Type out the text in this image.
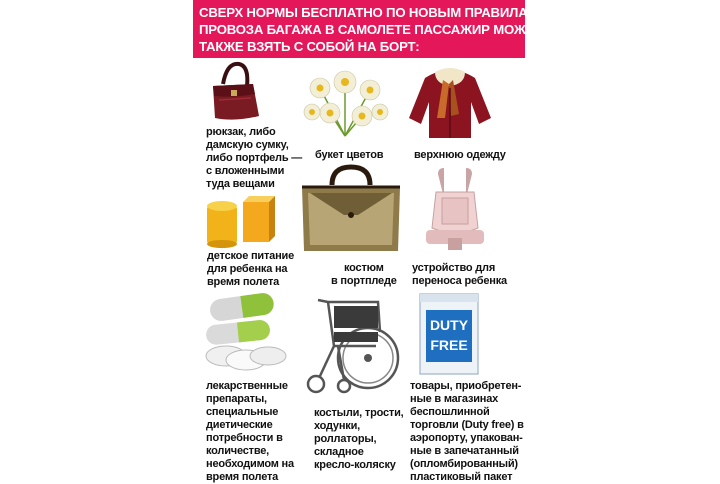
СВЕРХ НОРМЫ БЕСПЛАТНО ПО НОВЫМ ПРАВИЛАМ
ПРОВОЗА БАГАЖА В САМОЛЕТЕ ПАССАЖИР МОЖЕТ
ТАКЖЕ ВЗЯТЬ С СОБОЙ НА БОРТ:
рюкзак, либо
дамскую сумку,
либо портфель —
с вложенными
туда вещами
букет цветов	верхнюю одежду
детское питание
для ребенка на
время полета
костюм
в портпледе
устройство для
переноса ребенка
лекарственные
препараты,
специальные
диетические
потребности в
количестве,
необходимом на
время полета
костыли, трости,
ходунки,
роллаторы,
складное
кресло-коляску
DUTY
FREE
товары, приобретен-
ные в магазинах
беспошлинной
торговли (Duty free) в
аэропорту, упакован-
ные в запечатанный
(опломбированный)
пластиковый пакет
